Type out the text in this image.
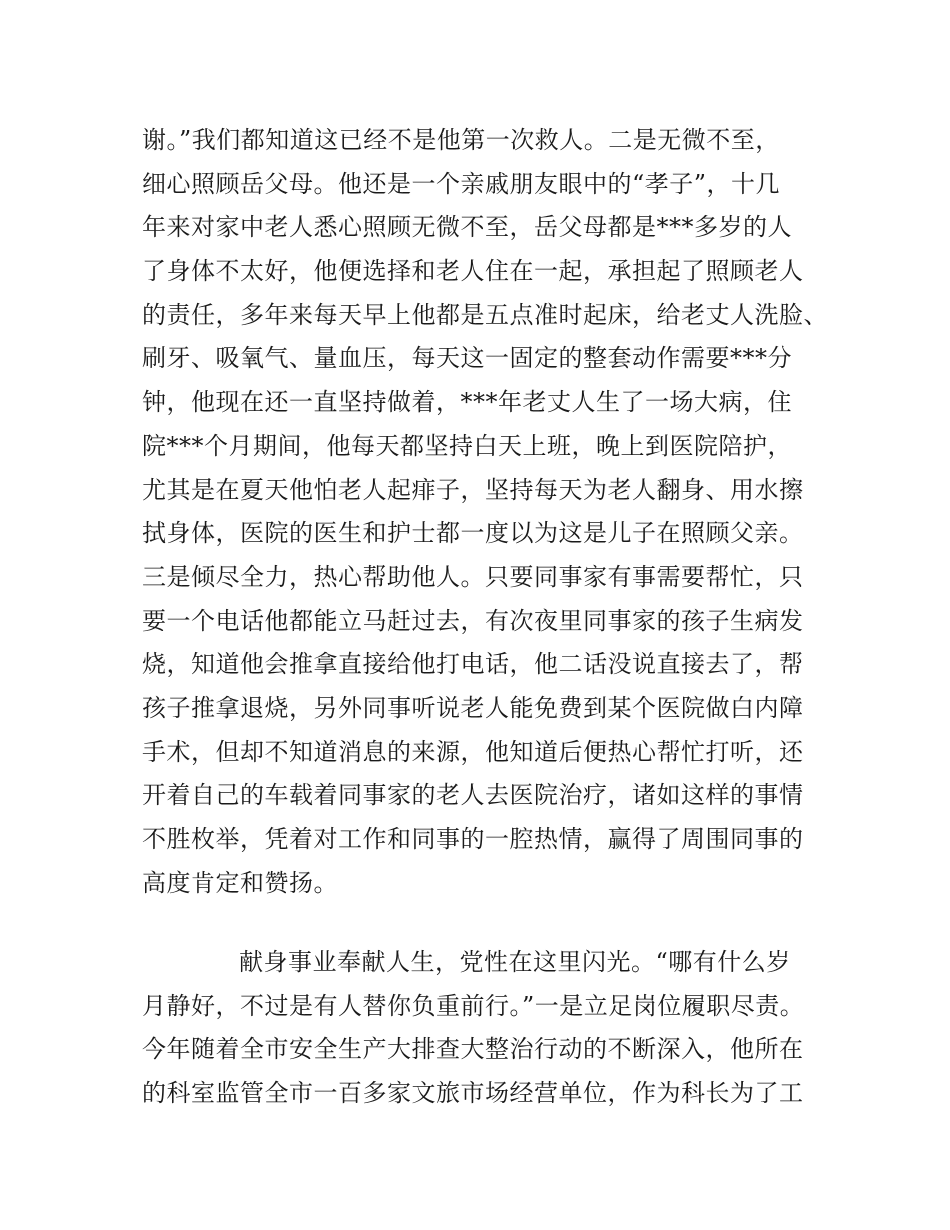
谢。”我们都知道这已经不是他第一次救人。二是无微不至，
细心照顾岳父母。他还是一个亲戚朋友眼中的“孝子”，十几
年来对家中老人悉心照顾无微不至，岳父母都是***多岁的人
了身体不太好，他便选择和老人住在一起，承担起了照顾老人
的责任，多年来每天早上他都是五点准时起床，给老丈人洗脸、
刷牙、吸氧气、量血压，每天这一固定的整套动作需要***分
钟，他现在还一直坚持做着，***年老丈人生了一场大病，住
院***个月期间，他每天都坚持白天上班，晚上到医院陪护，
尤其是在夏天他怕老人起痱子，坚持每天为老人翻身、用水擦
拭身体，医院的医生和护士都一度以为这是儿子在照顾父亲。
三是倾尽全力，热心帮助他人。只要同事家有事需要帮忙，只
要一个电话他都能立马赶过去，有次夜里同事家的孩子生病发
烧，知道他会推拿直接给他打电话，他二话没说直接去了，帮
孩子推拿退烧，另外同事听说老人能免费到某个医院做白内障
手术，但却不知道消息的来源，他知道后便热心帮忙打听，还
开着自己的车载着同事家的老人去医院治疗，诸如这样的事情
不胜枚举，凭着对工作和同事的一腔热情，赢得了周围同事的
高度肯定和赞扬。
献身事业奉献人生，党性在这里闪光。“哪有什么岁
月静好，不过是有人替你负重前行。”一是立足岗位履职尽责。
今年随着全市安全生产大排查大整治行动的不断深入，他所在
的科室监管全市一百多家文旅市场经营单位，作为科长为了工
